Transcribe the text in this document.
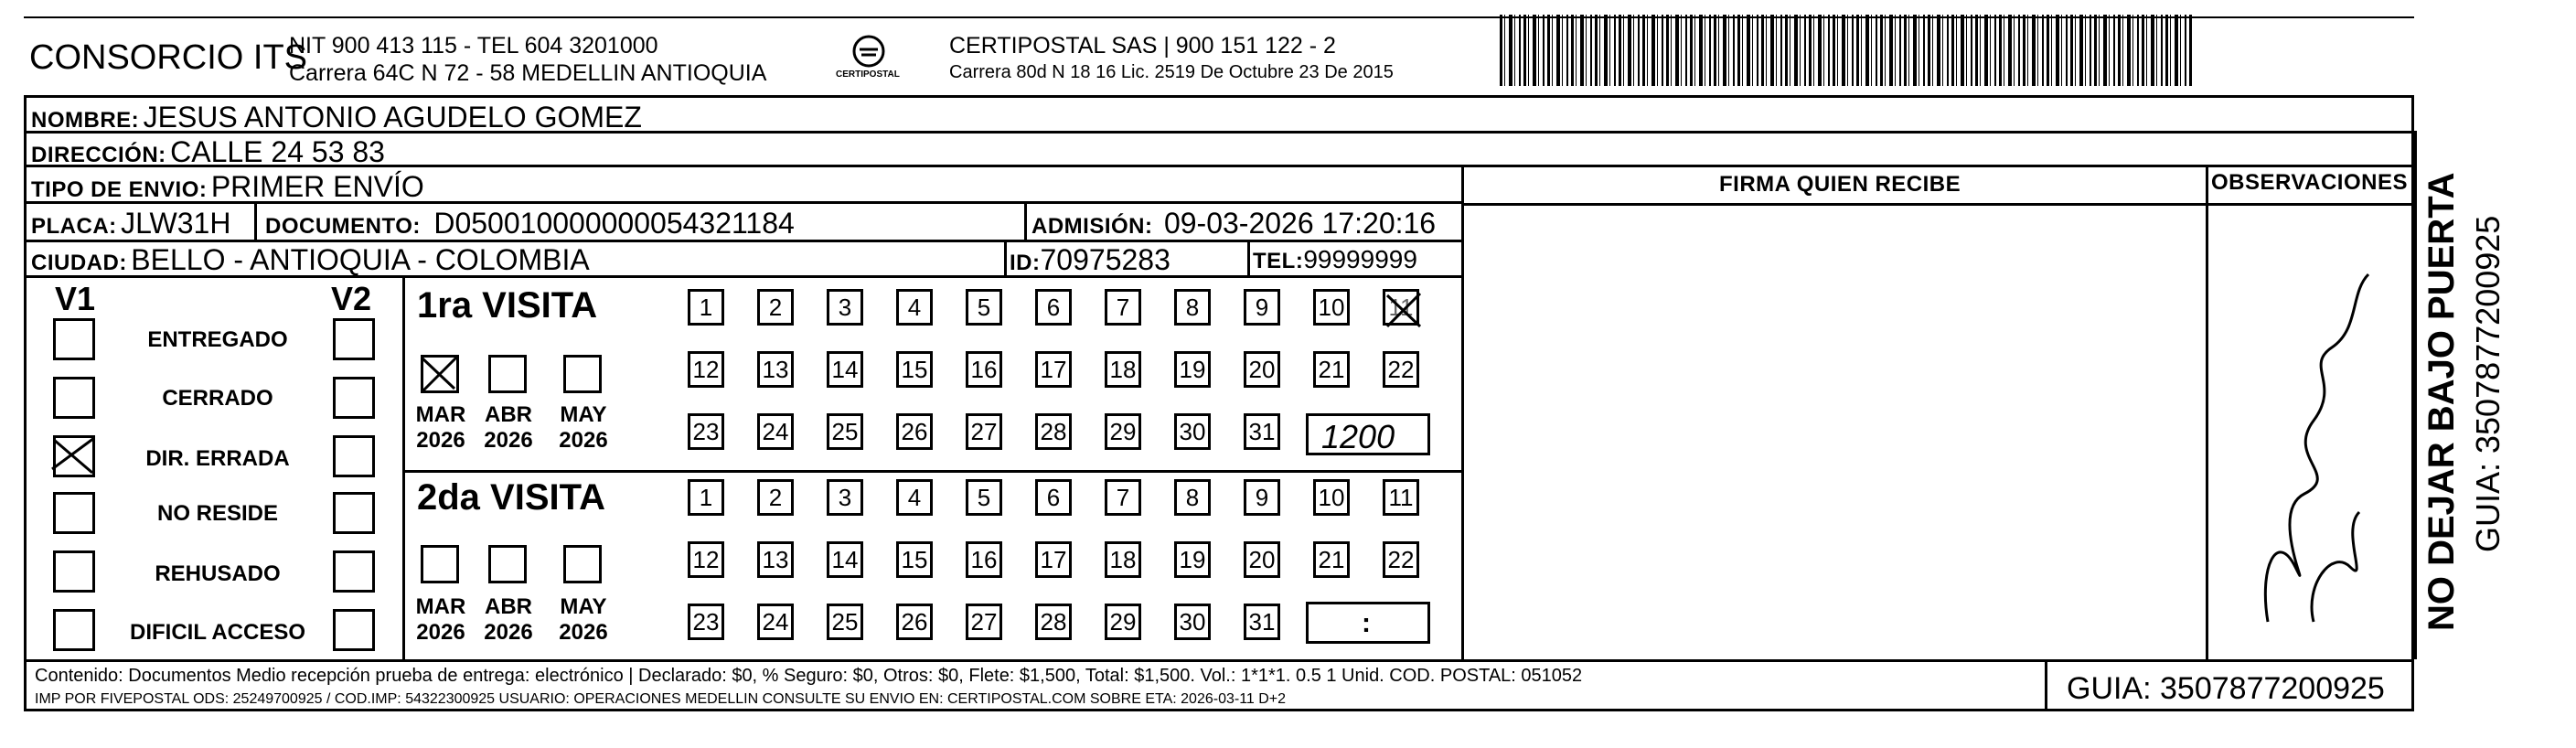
CONSORCIO ITS
NIT 900 413 115 - TEL 604 3201000
Carrera 64C N 72 - 58 MEDELLIN ANTIOQUIA	CERTIPOSTAL
CERTIPOSTAL SAS | 900 151 122 - 2
Carrera 80d N 18 16 Lic. 2519 De Octubre 23 De 2015
NOMBRE: JESUS ANTONIO AGUDELO GOMEZ
DIRECCIÓN: CALLE 24 53 83
TIPO DE ENVIO: PRIMER ENVÍO
PLACA: JLW31H DOCUMENTO: D050010000000054321184	ADMISIÓN: 09-03-2026 17:20:16
CIUDAD: BELLO - ANTIOQUIA - COLOMBIA	ID:70975283	TEL:99999999
FIRMA QUIEN RECIBE	OBSERVACIONES
V1	V2
ENTREGADO
CERRADO
DIR. ERRADA
NO RESIDE
REHUSADO
DIFICIL ACCESO
1ra VISITA
MAR
2026
ABR
2026
MAY
2026
1	2	3	4	5	6	7	8	9	10 11
12 13 14 15 16 17 18 19 20 21 22
23 24 25 26 27 28 29 30 31 1200
2da VISITA
MAR
2026
ABR
2026
MAY
2026
1	2	3	4	5	6	7	8	9	10 11
12 13 14 15 16 17 18 19 20 21 22
23 24 25 26 27 28 29 30 31	:
Contenido: Documentos Medio recepción prueba de entrega: electrónico | Declarado: $0, % Seguro: $0, Otros: $0, Flete: $1,500, Total: $1,500. Vol.: 1*1*1. 0.5 1 Unid. COD. POSTAL: 051052
IMP POR FIVEPOSTAL ODS: 25249700925 / COD.IMP: 54322300925 USUARIO: OPERACIONES MEDELLIN CONSULTE SU ENVIO EN: CERTIPOSTAL.COM SOBRE ETA: 2026-03-11 D+2	GUIA: 3507877200925
NO DEJAR BAJO PUERTA GUIA: 3507877200925
